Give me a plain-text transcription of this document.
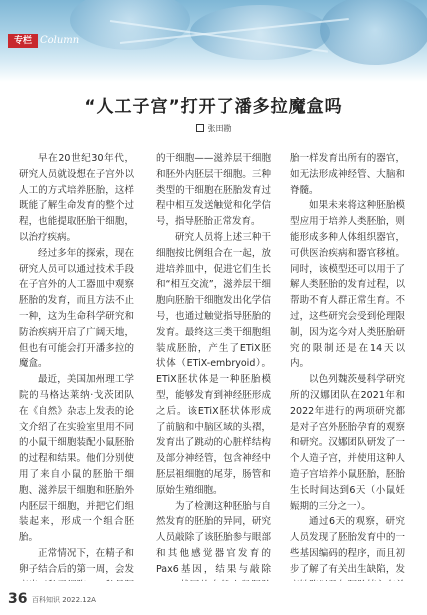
专栏 Column
“人工子宫”打开了潘多拉魔盒吗
张田勘

早在20世纪30年代，研究人员就设想在子宫外以人工的方式培养胚胎，这样既能了解生命发育的整个过程，也能提取胚胎干细胞，以治疗疾病。

经过多年的探索，现在研究人员可以通过技术手段在子宫外的人工器皿中观察胚胎的发育，而且方法不止一种，这为生命科学研究和防治疾病开启了广阔天地，但也有可能会打开潘多拉的魔盒。

最近，美国加州理工学院的马格达莱纳·戈茨团队在《自然》杂志上发表的论文介绍了在实验室里用不同的小鼠干细胞装配小鼠胚胎的过程和结果。他们分别使用了来自小鼠的胚胎干细胞、滋养层干细胞和胚胎外内胚层干细胞，并把它们组装起来，形成一个组合胚胎。

正常情况下，在精子和卵子结合后的第一周，会发

的干细胞——滋养层干细胞和胚外内胚层干细胞。三种类型的干细胞在胚胎发育过程中相互发送触觉和化学信号，指导胚胎正常发育。

研究人员将上述三种干细胞按比例组合在一起，放进培养皿中，促进它们生长和“相互交流”，滋养层干细胞向胚胎干细胞发出化学信号，也通过触觉指导胚胎的发育。最终这三类干细胞组装成胚胎，产生了ETiX胚状体（ETiX-embryoid）。ETiX胚状体是一种胚胎模型，能够发育到神经胚形成之后。该ETiX胚状体形成了前脑和中脑区域的头褶，发育出了跳动的心脏样结构及部分神经管，包含神经中胚层祖细胞的尾芽，肠管和原始生殖细胞。

为了检测这种胚胎与自然发育的胚胎的异同，研究人员敲除了该胚胎参与眼部和其他感觉器官发育的Pax6基因，结果与敲除

胎一样发育出所有的器官，如无法形成神经管、大脑和脊髓。

如果未来将这种胚胎模型应用于培养人类胚胎，则能形成多种人体组织器官，可供医治疾病和器官移植。同时，该模型还可以用于了解人类胚胎的发育过程，以帮助不育人群正常生育。不过，这些研究会受到伦理限制，因为迄今对人类胚胎研究的限制还是在14天以内。

以色列魏茨曼科学研究所的汉娜团队在2021年和2022年进行的两项研究都是对子宫外胚胎孕育的观察和研究。汉娜团队研发了一个人造子宫，并使用这种人造子宫培养小鼠胚胎，胚胎生长时间达到6天（小鼠妊娠期的三分之一）。

通过6天的观察，研究人员发现了胚胎发育中的一些基因编码的程序，而且初步了解了有关出生缺陷，发

36 百科知识 2022.12A
